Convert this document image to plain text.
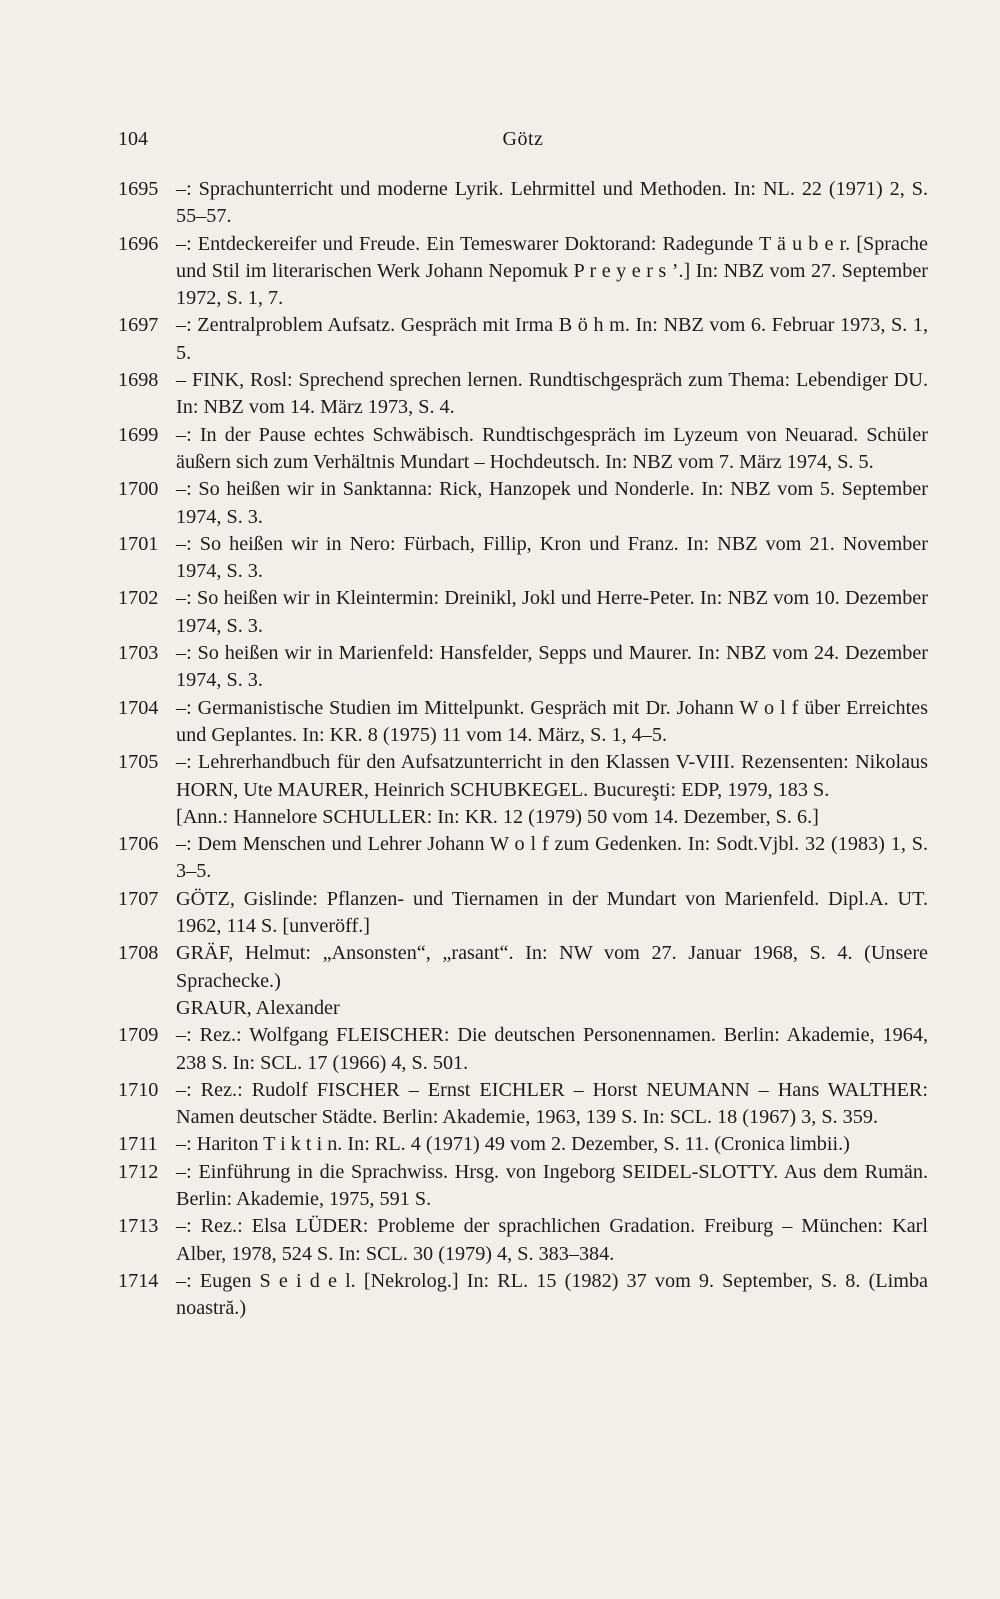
104	Götz
1695 –: Sprachunterricht und moderne Lyrik. Lehrmittel und Methoden. In: NL. 22 (1971) 2, S. 55–57.
1696 –: Entdeckereifer und Freude. Ein Temeswarer Doktorand: Radegunde T ä u b e r. [Sprache und Stil im literarischen Werk Johann Nepomuk P r e y e r s ’.] In: NBZ vom 27. September 1972, S. 1, 7.
1697 –: Zentralproblem Aufsatz. Gespräch mit Irma B ö h m. In: NBZ vom 6. Februar 1973, S. 1, 5.
1698 – FINK, Rosl: Sprechend sprechen lernen. Rundtischgespräch zum Thema: Lebendiger DU. In: NBZ vom 14. März 1973, S. 4.
1699 –: In der Pause echtes Schwäbisch. Rundtischgespräch im Lyzeum von Neuarad. Schüler äußern sich zum Verhältnis Mundart – Hochdeutsch. In: NBZ vom 7. März 1974, S. 5.
1700 –: So heißen wir in Sanktanna: Rick, Hanzopek und Nonderle. In: NBZ vom 5. September 1974, S. 3.
1701 –: So heißen wir in Nero: Fürbach, Fillip, Kron und Franz. In: NBZ vom 21. November 1974, S. 3.
1702 –: So heißen wir in Kleintermin: Dreinikl, Jokl und Herre-Peter. In: NBZ vom 10. Dezember 1974, S. 3.
1703 –: So heißen wir in Marienfeld: Hansfelder, Sepps und Maurer. In: NBZ vom 24. Dezember 1974, S. 3.
1704 –: Germanistische Studien im Mittelpunkt. Gespräch mit Dr. Johann W o l f über Erreichtes und Geplantes. In: KR. 8 (1975) 11 vom 14. März, S. 1, 4–5.
1705 –: Lehrerhandbuch für den Aufsatzunterricht in den Klassen V-VIII. Rezensenten: Nikolaus HORN, Ute MAURER, Heinrich SCHUBKEGEL. Bucureşti: EDP, 1979, 183 S.
[Ann.: Hannelore SCHULLER: In: KR. 12 (1979) 50 vom 14. Dezember, S. 6.]
1706 –: Dem Menschen und Lehrer Johann W o l f zum Gedenken. In: Sodt.Vjbl. 32 (1983) 1, S. 3–5.
1707 GÖTZ, Gislinde: Pflanzen- und Tiernamen in der Mundart von Marienfeld. Dipl.A. UT. 1962, 114 S. [unveröff.]
1708 GRÄF, Helmut: „Ansonsten“, „rasant“. In: NW vom 27. Januar 1968, S. 4. (Unsere Sprachecke.)
GRAUR, Alexander
1709 –: Rez.: Wolfgang FLEISCHER: Die deutschen Personennamen. Berlin: Akademie, 1964, 238 S. In: SCL. 17 (1966) 4, S. 501.
1710 –: Rez.: Rudolf FISCHER – Ernst EICHLER – Horst NEUMANN – Hans WALTHER: Namen deutscher Städte. Berlin: Akademie, 1963, 139 S. In: SCL. 18 (1967) 3, S. 359.
1711 –: Hariton T i k t i n. In: RL. 4 (1971) 49 vom 2. Dezember, S. 11. (Cronica limbii.)
1712 –: Einführung in die Sprachwiss. Hrsg. von Ingeborg SEIDEL-SLOTTY. Aus dem Rumän. Berlin: Akademie, 1975, 591 S.
1713 –: Rez.: Elsa LÜDER: Probleme der sprachlichen Gradation. Freiburg – München: Karl Alber, 1978, 524 S. In: SCL. 30 (1979) 4, S. 383–384.
1714 –: Eugen S e i d e l. [Nekrolog.] In: RL. 15 (1982) 37 vom 9. September, S. 8. (Limba noastră.)
